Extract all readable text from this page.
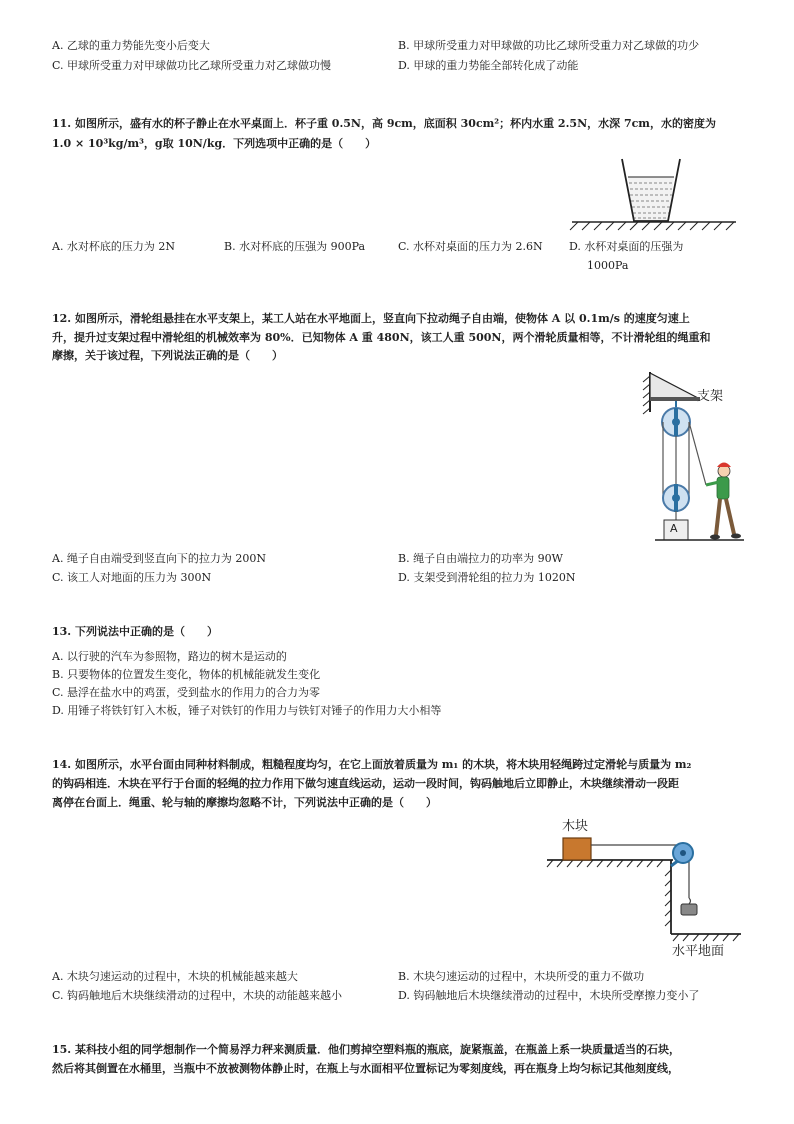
A. 乙球的重力势能先变小后变大	B. 甲球所受重力对甲球做的功比乙球所受重力对乙球做的功少
C. 甲球所受重力对甲球做功比乙球所受重力对乙球做功慢	D. 甲球的重力势能全部转化成了动能
11. 如图所示，盛有水的杯子静止在水平桌面上．杯子重 0.5N，高 9cm，底面积 30cm²；杯内水重 2.5N，水深 7cm，水的密度为
1.0 × 10³kg/m³，g取 10N/kg．下列选项中正确的是（　　）
A. 水对杯底的压力为 2N	B. 水对杯底的压强为 900Pa	C. 水杯对桌面的压力为 2.6N D. 水杯对桌面的压强为
1000Pa
12. 如图所示，滑轮组悬挂在水平支架上，某工人站在水平地面上，竖直向下拉动绳子自由端，使物体 A 以 0.1m/s 的速度匀速上
升，提升过支架过程中滑轮组的机械效率为 80%．已知物体 A 重 480N，该工人重 500N，两个滑轮质量相等，不计滑轮组的绳重和
摩擦，关于该过程，下列说法正确的是（　　）
支架
A
A. 绳子自由端受到竖直向下的拉力为 200N	B. 绳子自由端拉力的功率为 90W
C. 该工人对地面的压力为 300N	D. 支架受到滑轮组的拉力为 1020N
13. 下列说法中正确的是（　　）
A. 以行驶的汽车为参照物，路边的树木是运动的
B. 只要物体的位置发生变化，物体的机械能就发生变化
C. 悬浮在盐水中的鸡蛋，受到盐水的作用力的合力为零
D. 用锤子将铁钉钉入木板，锤子对铁钉的作用力与铁钉对锤子的作用力大小相等
14. 如图所示，水平台面由同种材料制成，粗糙程度均匀，在它上面放着质量为 m₁ 的木块，将木块用轻绳跨过定滑轮与质量为 m₂
的钩码相连．木块在平行于台面的轻绳的拉力作用下做匀速直线运动，运动一段时间，钩码触地后立即静止，木块继续滑动一段距
离停在台面上．绳重、轮与轴的摩擦均忽略不计，下列说法中正确的是（　　）
木块
水平地面
A. 木块匀速运动的过程中，木块的机械能越来越大	B. 木块匀速运动的过程中，木块所受的重力不做功
C. 钩码触地后木块继续滑动的过程中，木块的动能越来越小	D. 钩码触地后木块继续滑动的过程中，木块所受摩擦力变小了
15. 某科技小组的同学想制作一个简易浮力秤来测质量．他们剪掉空塑料瓶的瓶底，旋紧瓶盖，在瓶盖上系一块质量适当的石块，
然后将其倒置在水桶里，当瓶中不放被测物体静止时，在瓶上与水面相平位置标记为零刻度线，再在瓶身上均匀标记其他刻度线，
